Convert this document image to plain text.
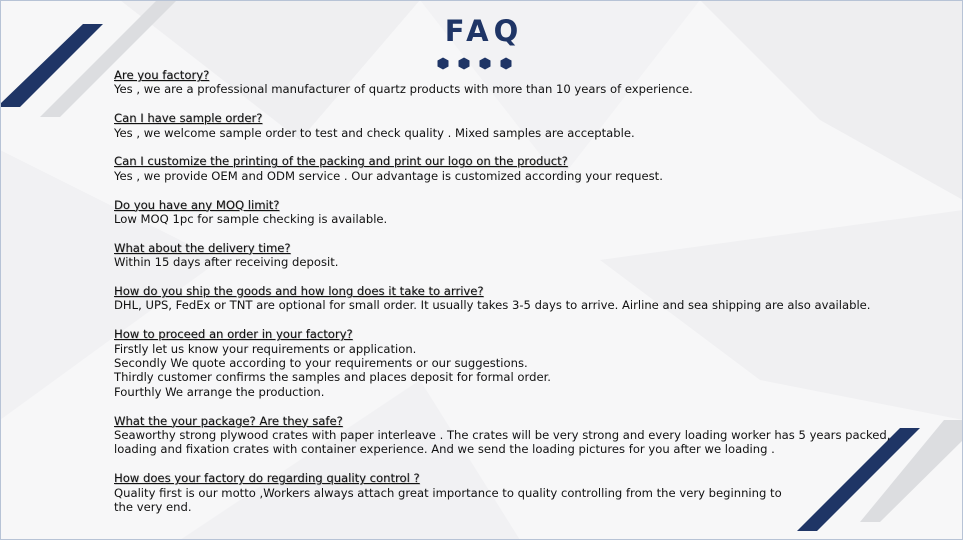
FAQ
Are you factory?
Yes , we are a professional manufacturer of quartz products with more than 10 years of experience.
Can I have sample order?
Yes , we welcome sample order to test and check quality . Mixed samples are acceptable.
Can I customize the printing of the packing and print our logo on the product?
Yes , we provide OEM and ODM service . Our advantage is customized according your request.
Do you have any MOQ limit?
Low MOQ 1pc for sample checking is available.
What about the delivery time?
Within 15 days after receiving deposit.
How do you ship the goods and how long does it take to arrive?
DHL, UPS, FedEx or TNT are optional for small order. It usually takes 3-5 days to arrive. Airline and sea shipping are also available.
How to proceed an order in your factory?
Firstly let us know your requirements or application.
Secondly We quote according to your requirements or our suggestions.
Thirdly customer confirms the samples and places deposit for formal order.
Fourthly We arrange the production.
What the your package? Are they safe?
Seaworthy strong plywood crates with paper interleave . The crates will be very strong and every loading worker has 5 years packed,
loading and fixation crates with container experience. And we send the loading pictures for you after we loading .
How does your factory do regarding quality control ?
Quality first is our motto ,Workers always attach great importance to quality controlling from the very beginning to
the very end.
